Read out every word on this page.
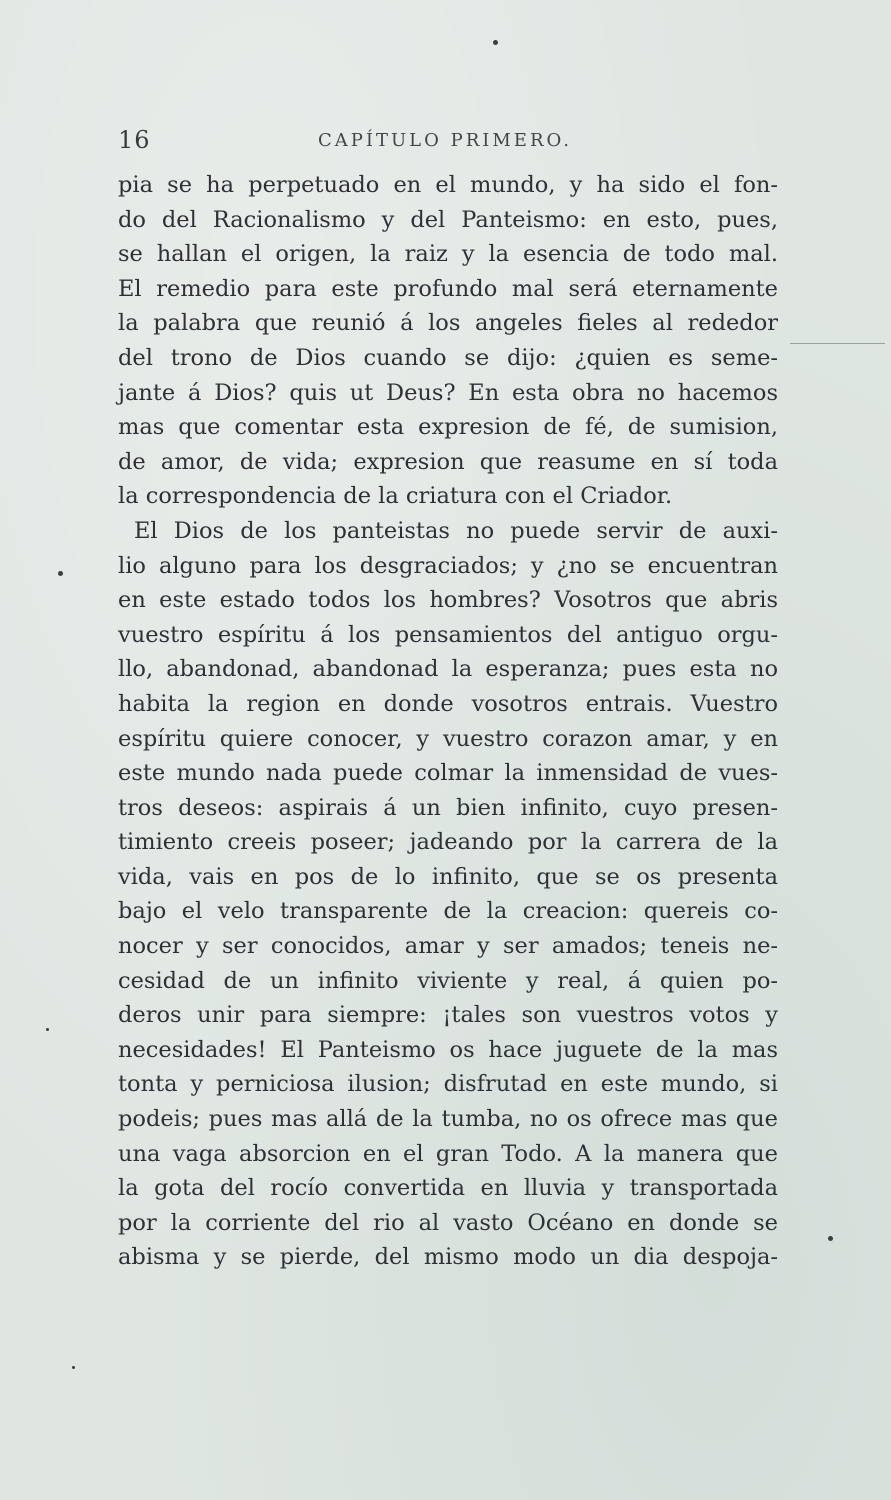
16	CAPÍTULO PRIMERO.
pia se ha perpetuado en el mundo, y ha sido el fon-
do del Racionalismo y del Panteismo: en esto, pues,
se hallan el origen, la raiz y la esencia de todo mal.
El remedio para este profundo mal será eternamente
la palabra que reunió á los angeles fieles al rededor
del trono de Dios cuando se dijo: ¿quien es seme-
jante á Dios? quis ut Deus? En esta obra no hacemos
mas que comentar esta expresion de fé, de sumision,
de amor, de vida; expresion que reasume en sí toda
la correspondencia de la criatura con el Criador.
El Dios de los panteistas no puede servir de auxi-
lio alguno para los desgraciados; y ¿no se encuentran
en este estado todos los hombres? Vosotros que abris
vuestro espíritu á los pensamientos del antiguo orgu-
llo, abandonad, abandonad la esperanza; pues esta no
habita la region en donde vosotros entrais. Vuestro
espíritu quiere conocer, y vuestro corazon amar, y en
este mundo nada puede colmar la inmensidad de vues-
tros deseos: aspirais á un bien infinito, cuyo presen-
timiento creeis poseer; jadeando por la carrera de la
vida, vais en pos de lo infinito, que se os presenta
bajo el velo transparente de la creacion: quereis co-
nocer y ser conocidos, amar y ser amados; teneis ne-
cesidad de un infinito viviente y real, á quien po-
deros unir para siempre: ¡tales son vuestros votos y
necesidades! El Panteismo os hace juguete de la mas
tonta y perniciosa ilusion; disfrutad en este mundo, si
podeis; pues mas allá de la tumba, no os ofrece mas que
una vaga absorcion en el gran Todo. A la manera que
la gota del rocío convertida en lluvia y transportada
por la corriente del rio al vasto Océano en donde se
abisma y se pierde, del mismo modo un dia despoja-
